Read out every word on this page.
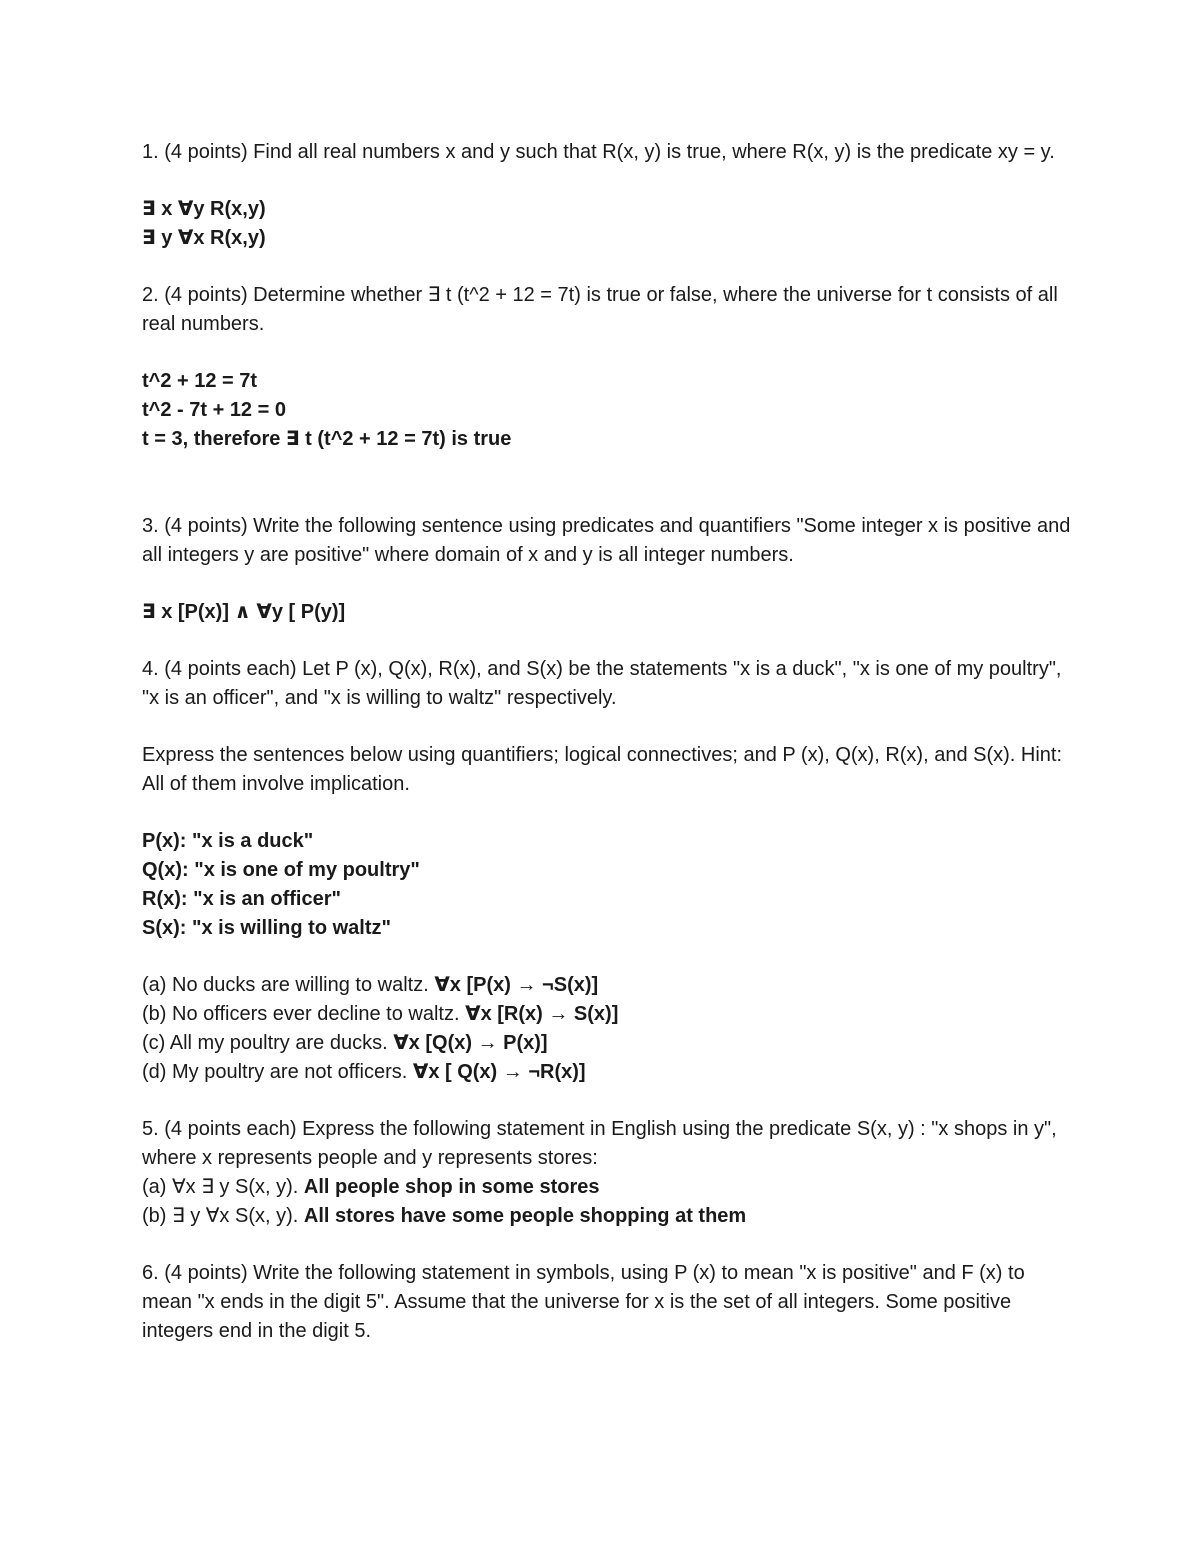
1. (4 points) Find all real numbers x and y such that R(x, y) is true, where R(x, y) is the predicate xy = y.
∃ x ∀y R(x,y)
∃ y ∀x R(x,y)
2. (4 points) Determine whether ∃ t (t^2 + 12 = 7t) is true or false, where the universe for t consists of all real numbers.
t^2 + 12 = 7t
t^2 - 7t + 12 = 0
t = 3, therefore ∃ t (t^2 + 12 = 7t) is true
3. (4 points) Write the following sentence using predicates and quantifiers "Some integer x is positive and all integers y are positive" where domain of x and y is all integer numbers.
∃ x [P(x)] ∧ ∀y [ P(y)]
4. (4 points each) Let P (x), Q(x), R(x), and S(x) be the statements "x is a duck", "x is one of my poultry", "x is an officer", and "x is willing to waltz" respectively.
Express the sentences below using quantifiers; logical connectives; and P (x), Q(x), R(x), and S(x). Hint: All of them involve implication.
P(x): "x is a duck"
Q(x): "x is one of my poultry"
R(x): "x is an officer"
S(x): "x is willing to waltz"
(a) No ducks are willing to waltz. ∀x [P(x) → ¬S(x)]
(b) No officers ever decline to waltz. ∀x [R(x) → S(x)]
(c) All my poultry are ducks. ∀x [Q(x) → P(x)]
(d) My poultry are not officers. ∀x [ Q(x) → ¬R(x)]
5. (4 points each) Express the following statement in English using the predicate S(x, y) : "x shops in y", where x represents people and y represents stores:
(a) ∀x ∃ y S(x, y). All people shop in some stores
(b) ∃ y ∀x S(x, y). All stores have some people shopping at them
6. (4 points) Write the following statement in symbols, using P (x) to mean "x is positive" and F (x) to mean "x ends in the digit 5". Assume that the universe for x is the set of all integers. Some positive integers end in the digit 5.
